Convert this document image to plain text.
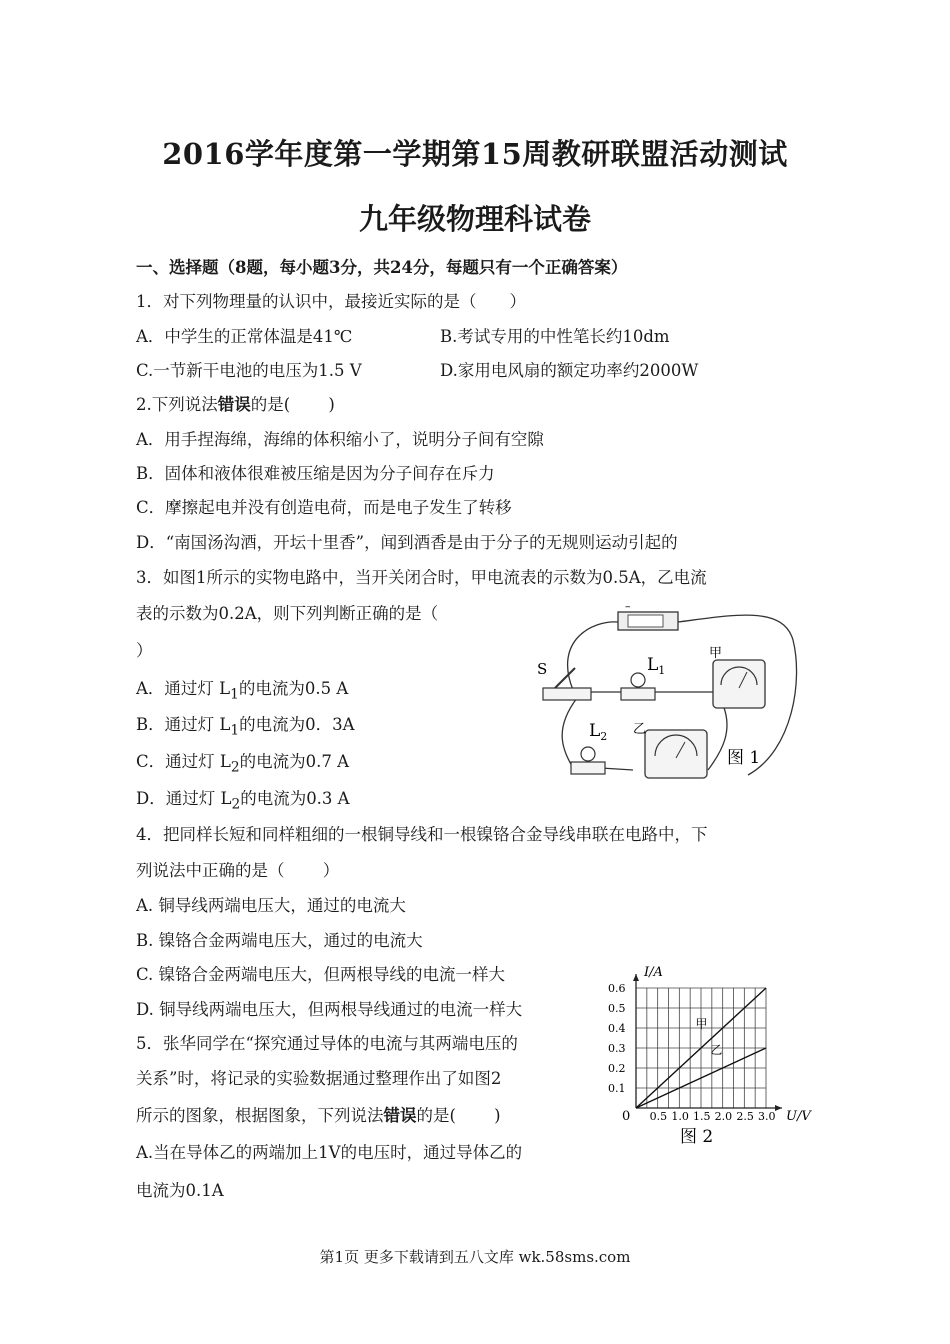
2016学年度第一学期第15周教研联盟活动测试
九年级物理科试卷
一、选择题（8题，每小题3分，共24分，每题只有一个正确答案）
1．对下列物理量的认识中，最接近实际的是（　　）
A．中学生的正常体温是41℃	B.考试专用的中性笔长约10dm
C.一节新干电池的电压为1.5 V	D.家用电风扇的额定功率约2000W
2.下列说法错误的是(　　 )
A．用手捏海绵，海绵的体积缩小了，说明分子间有空隙
B．固体和液体很难被压缩是因为分子间存在斥力
C．摩擦起电并没有创造电荷，而是电子发生了转移
D．“南国汤沟酒，开坛十里香”，闻到酒香是由于分子的无规则运动引起的
3．如图1所示的实物电路中，当开关闭合时，甲电流表的示数为0.5A，乙电流
表的示数为0.2A，则下列判断正确的是（
）
A．通过灯 $L_1$的电流为0.5 A
B．通过灯 $L_1$的电流为0．3A
C．通过灯 $L_2$的电流为0.7 A
D．通过灯 $L_2$的电流为0.3 A
–
S	$L_1$
甲
$L_2$ 乙
图 1
4．把同样长短和同样粗细的一根铜导线和一根镍铬合金导线串联在电路中，下
列说法中正确的是（　　 ）
A. 铜导线两端电压大，通过的电流大
B. 镍铬合金两端电压大，通过的电流大
C. 镍铬合金两端电压大，但两根导线的电流一样大
D. 铜导线两端电压大，但两根导线通过的电流一样大
5．张华同学在“探究通过导体的电流与其两端电压的
关系”时，将记录的实验数据通过整理作出了如图2
所示的图象，根据图象，下列说法错误的是(　　 )
A.当在导体乙的两端加上1V的电压时，通过导体乙的
电流为0.1A
0.5 1.0 1.5 2.0 2.5 3.0
0.1
0.2
0.3
0.4
0.5
0.6
甲
乙
I/A
U/V
0
图 2
第1页 更多下载请到五八文库 wk.58sms.com
